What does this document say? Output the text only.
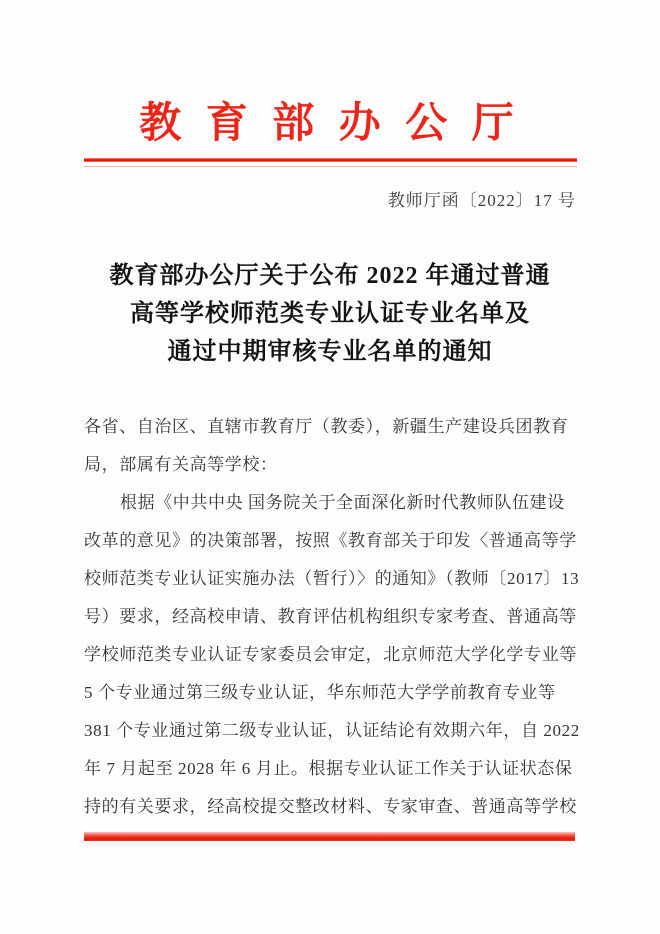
教 育 部 办 公 厅
教师厅函〔2022〕17 号
教育部办公厅关于公布 2022 年通过普通
高等学校师范类专业认证专业名单及
通过中期审核专业名单的通知
各省、自治区、直辖市教育厅（教委），新疆生产建设兵团教育
局，部属有关高等学校：
根据《中共中央 国务院关于全面深化新时代教师队伍建设
改革的意见》的决策部署，按照《教育部关于印发〈普通高等学
校师范类专业认证实施办法（暂行）〉的通知》（教师〔2017〕13
号）要求，经高校申请、教育评估机构组织专家考查、普通高等
学校师范类专业认证专家委员会审定，北京师范大学化学专业等
5 个专业通过第三级专业认证，华东师范大学学前教育专业等
381 个专业通过第二级专业认证，认证结论有效期六年，自 2022
年 7 月起至 2028 年 6 月止。根据专业认证工作关于认证状态保
持的有关要求，经高校提交整改材料、专家审查、普通高等学校
